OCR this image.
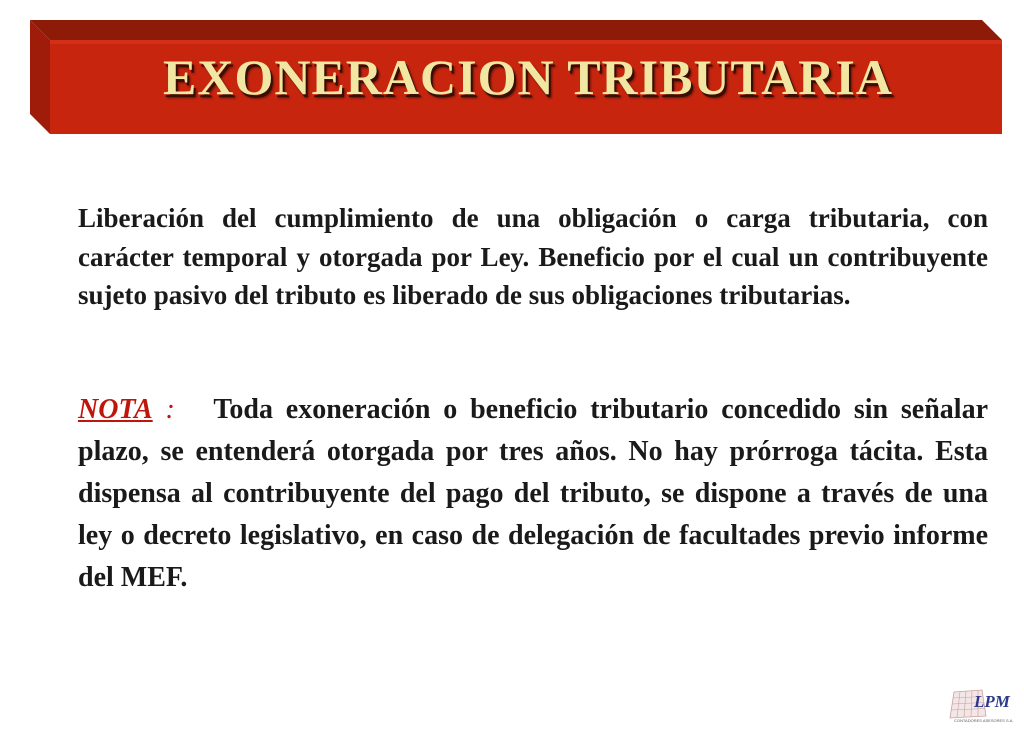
EXONERACION TRIBUTARIA
Liberación del cumplimiento de una obligación o carga tributaria, con carácter temporal y otorgada por Ley. Beneficio por el cual un contribuyente sujeto pasivo del tributo es liberado de sus obligaciones tributarias.
NOTA : Toda exoneración o beneficio tributario concedido sin señalar plazo, se entenderá otorgada por tres años. No hay prórroga tácita. Esta dispensa al contribuyente del pago del tributo, se dispone a través de una ley o decreto legislativo, en caso de delegación de facultades previo informe del MEF.
LPM
CONTADORES ASESORES S.A.
